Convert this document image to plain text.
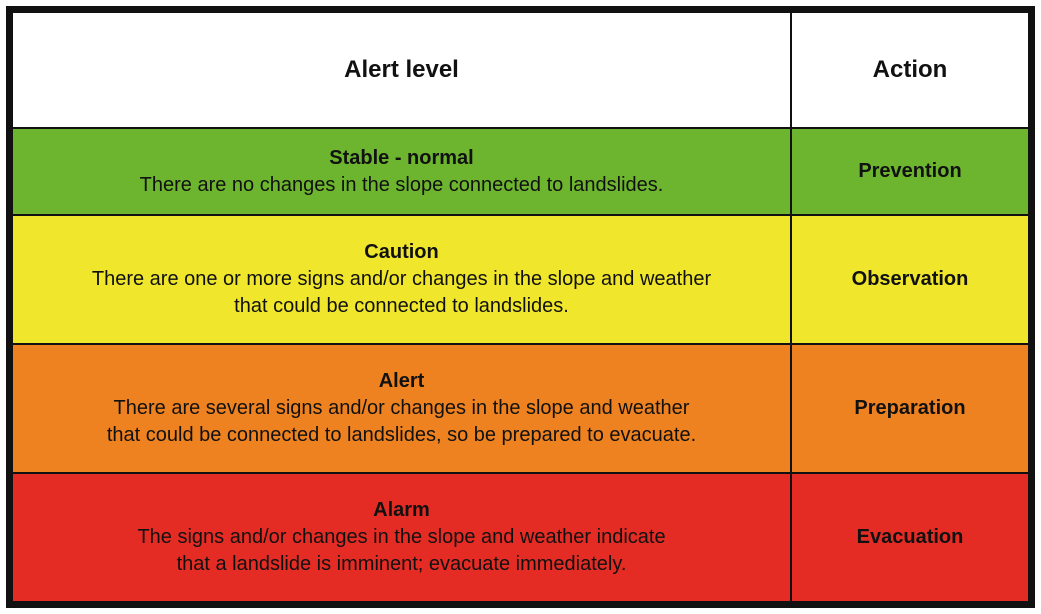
Alert level	Action

Stable - normal
There are no changes in the slope connected to landslides.	Prevention

Caution
There are one or more signs and/or changes in the slope and weather
that could be connected to landslides.	Observation

Alert
There are several signs and/or changes in the slope and weather
that could be connected to landslides, so be prepared to evacuate.	Preparation

Alarm
The signs and/or changes in the slope and weather indicate
that a landslide is imminent; evacuate immediately.	Evacuation
